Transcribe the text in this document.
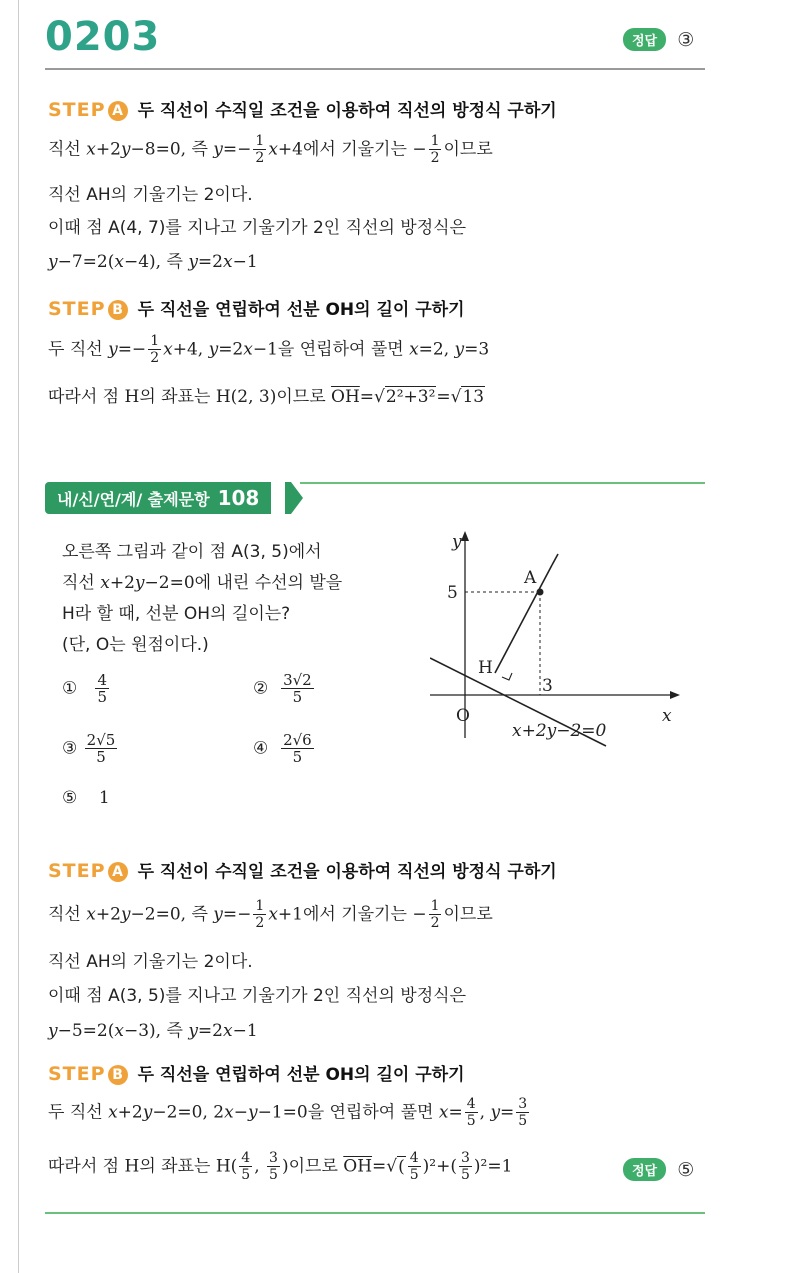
0203	정답 ③
STEP A 두 직선이 수직일 조건을 이용하여 직선의 방정식 구하기
직선 x+2y−8=0, 즉 $y=- \frac{1}{2} x+4$에서 기울기는 − $\frac{1}{2}$ 이므로
직선 AH의 기울기는 2이다.
이때 점 A(4, 7)를 지나고 기울기가 2인 직선의 방정식은
y−7=2(x−4), 즉 y=2x−1
STEP B 두 직선을 연립하여 선분 OH의 길이 구하기
두 직선 $y=- \frac{1}{2} x+4$, y=2x−1을 연립하여 풀면 x=2, y=3
따라서 점 H의 좌표는 H(2, 3)이므로 $\overline{OH}=√2^2+3^2=√13$
내/신/연/계/ 출제문항 108
오른쪽 그림과 같이 점 A(3, 5)에서
직선 x+2y−2=0에 내린 수선의 발을
H라 할 때, 선분 OH의 길이는?
(단, O는 원점이다.)
① $\frac{4}{5}$	② $\frac{3√2}{5}$
③ $\frac{2√5}{5}$	④ $\frac{2√6}{5}$
⑤ 1
y
x
O
A
H
5
3
x+2y−2=0
STEP A 두 직선이 수직일 조건을 이용하여 직선의 방정식 구하기
직선 x+2y−2=0, 즉 $y=- \frac{1}{2} x+1$에서 기울기는 − $\frac{1}{2}$ 이므로
직선 AH의 기울기는 2이다.
이때 점 A(3, 5)를 지나고 기울기가 2인 직선의 방정식은
y−5=2(x−3), 즉 y=2x−1
STEP B 두 직선을 연립하여 선분 OH의 길이 구하기
두 직선 x+2y−2=0, 2x−y−1=0을 연립하여 풀면 $x= \frac{4}{5}$ , $y= \frac{3}{5}$
따라서 점 H의 좌표는 $H( \frac{4}{5}$ , $\frac{3}{5}$ )이므로 $\overline{OH}=√( \frac{4}{5} )^2+( \frac{3}{5} )^2=1$	정답 ⑤
